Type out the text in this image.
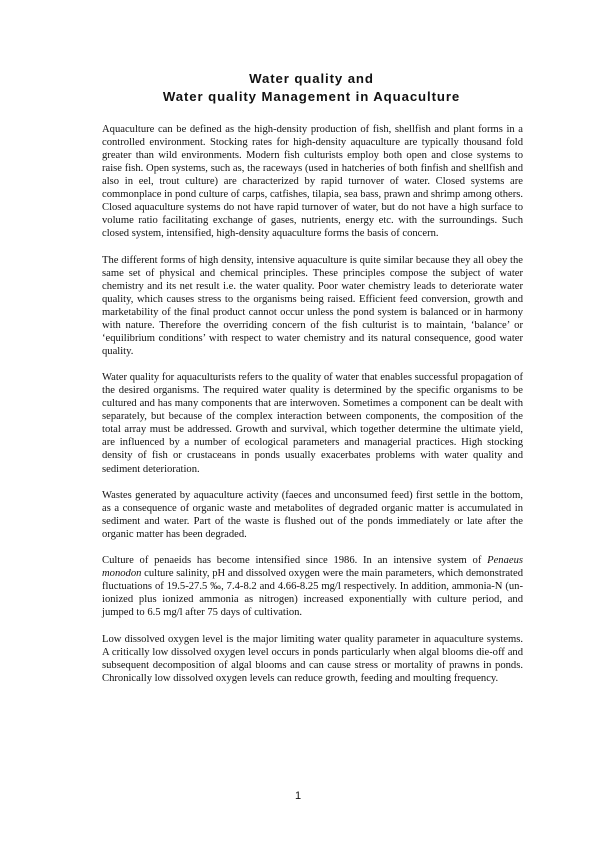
Water quality and
Water quality Management in Aquaculture

Aquaculture can be defined as the high-density production of fish, shellfish and plant forms in a controlled environment. Stocking rates for high-density aquaculture are typically thousand fold greater than wild environments. Modern fish culturists employ both open and close systems to raise fish. Open systems, such as, the raceways (used in hatcheries of both finfish and shellfish and also in eel, trout culture) are characterized by rapid turnover of water. Closed systems are commonplace in pond culture of carps, catfishes, tilapia, sea bass, prawn and shrimp among others. Closed aquaculture systems do not have rapid turnover of water, but do not have a high surface to volume ratio facilitating exchange of gases, nutrients, energy etc. with the surroundings. Such closed system, intensified, high-density aquaculture forms the basis of concern.

The different forms of high density, intensive aquaculture is quite similar because they all obey the same set of physical and chemical principles. These principles compose the subject of water chemistry and its net result i.e. the water quality. Poor water chemistry leads to deteriorate water quality, which causes stress to the organisms being raised. Efficient feed conversion, growth and marketability of the final product cannot occur unless the pond system is balanced or in harmony with nature. Therefore the overriding concern of the fish culturist is to maintain, ‘balance’ or ‘equilibrium conditions’ with respect to water chemistry and its natural consequence, good water quality.

Water quality for aquaculturists refers to the quality of water that enables successful propagation of the desired organisms. The required water quality is determined by the specific organisms to be cultured and has many components that are interwoven. Sometimes a component can be dealt with separately, but because of the complex interaction between components, the composition of the total array must be addressed. Growth and survival, which together determine the ultimate yield, are influenced by a number of ecological parameters and managerial practices. High stocking density of fish or crustaceans in ponds usually exacerbates problems with water quality and sediment deterioration.

Wastes generated by aquaculture activity (faeces and unconsumed feed) first settle in the bottom, as a consequence of organic waste and metabolites of degraded organic matter is accumulated in sediment and water. Part of the waste is flushed out of the ponds immediately or late after the organic matter has been degraded.

Culture of penaeids has become intensified since 1986. In an intensive system of Penaeus monodon culture salinity, pH and dissolved oxygen were the main parameters, which demonstrated fluctuations of 19.5-27.5 ‰, 7.4-8.2 and 4.66-8.25 mg/l respectively. In addition, ammonia-N (un-ionized plus ionized ammonia as nitrogen) increased exponentially with culture period, and jumped to 6.5 mg/l after 75 days of cultivation.

Low dissolved oxygen level is the major limiting water quality parameter in aquaculture systems. A critically low dissolved oxygen level occurs in ponds particularly when algal blooms die-off and subsequent decomposition of algal blooms and can cause stress or mortality of prawns in ponds. Chronically low dissolved oxygen levels can reduce growth, feeding and moulting frequency.

1
